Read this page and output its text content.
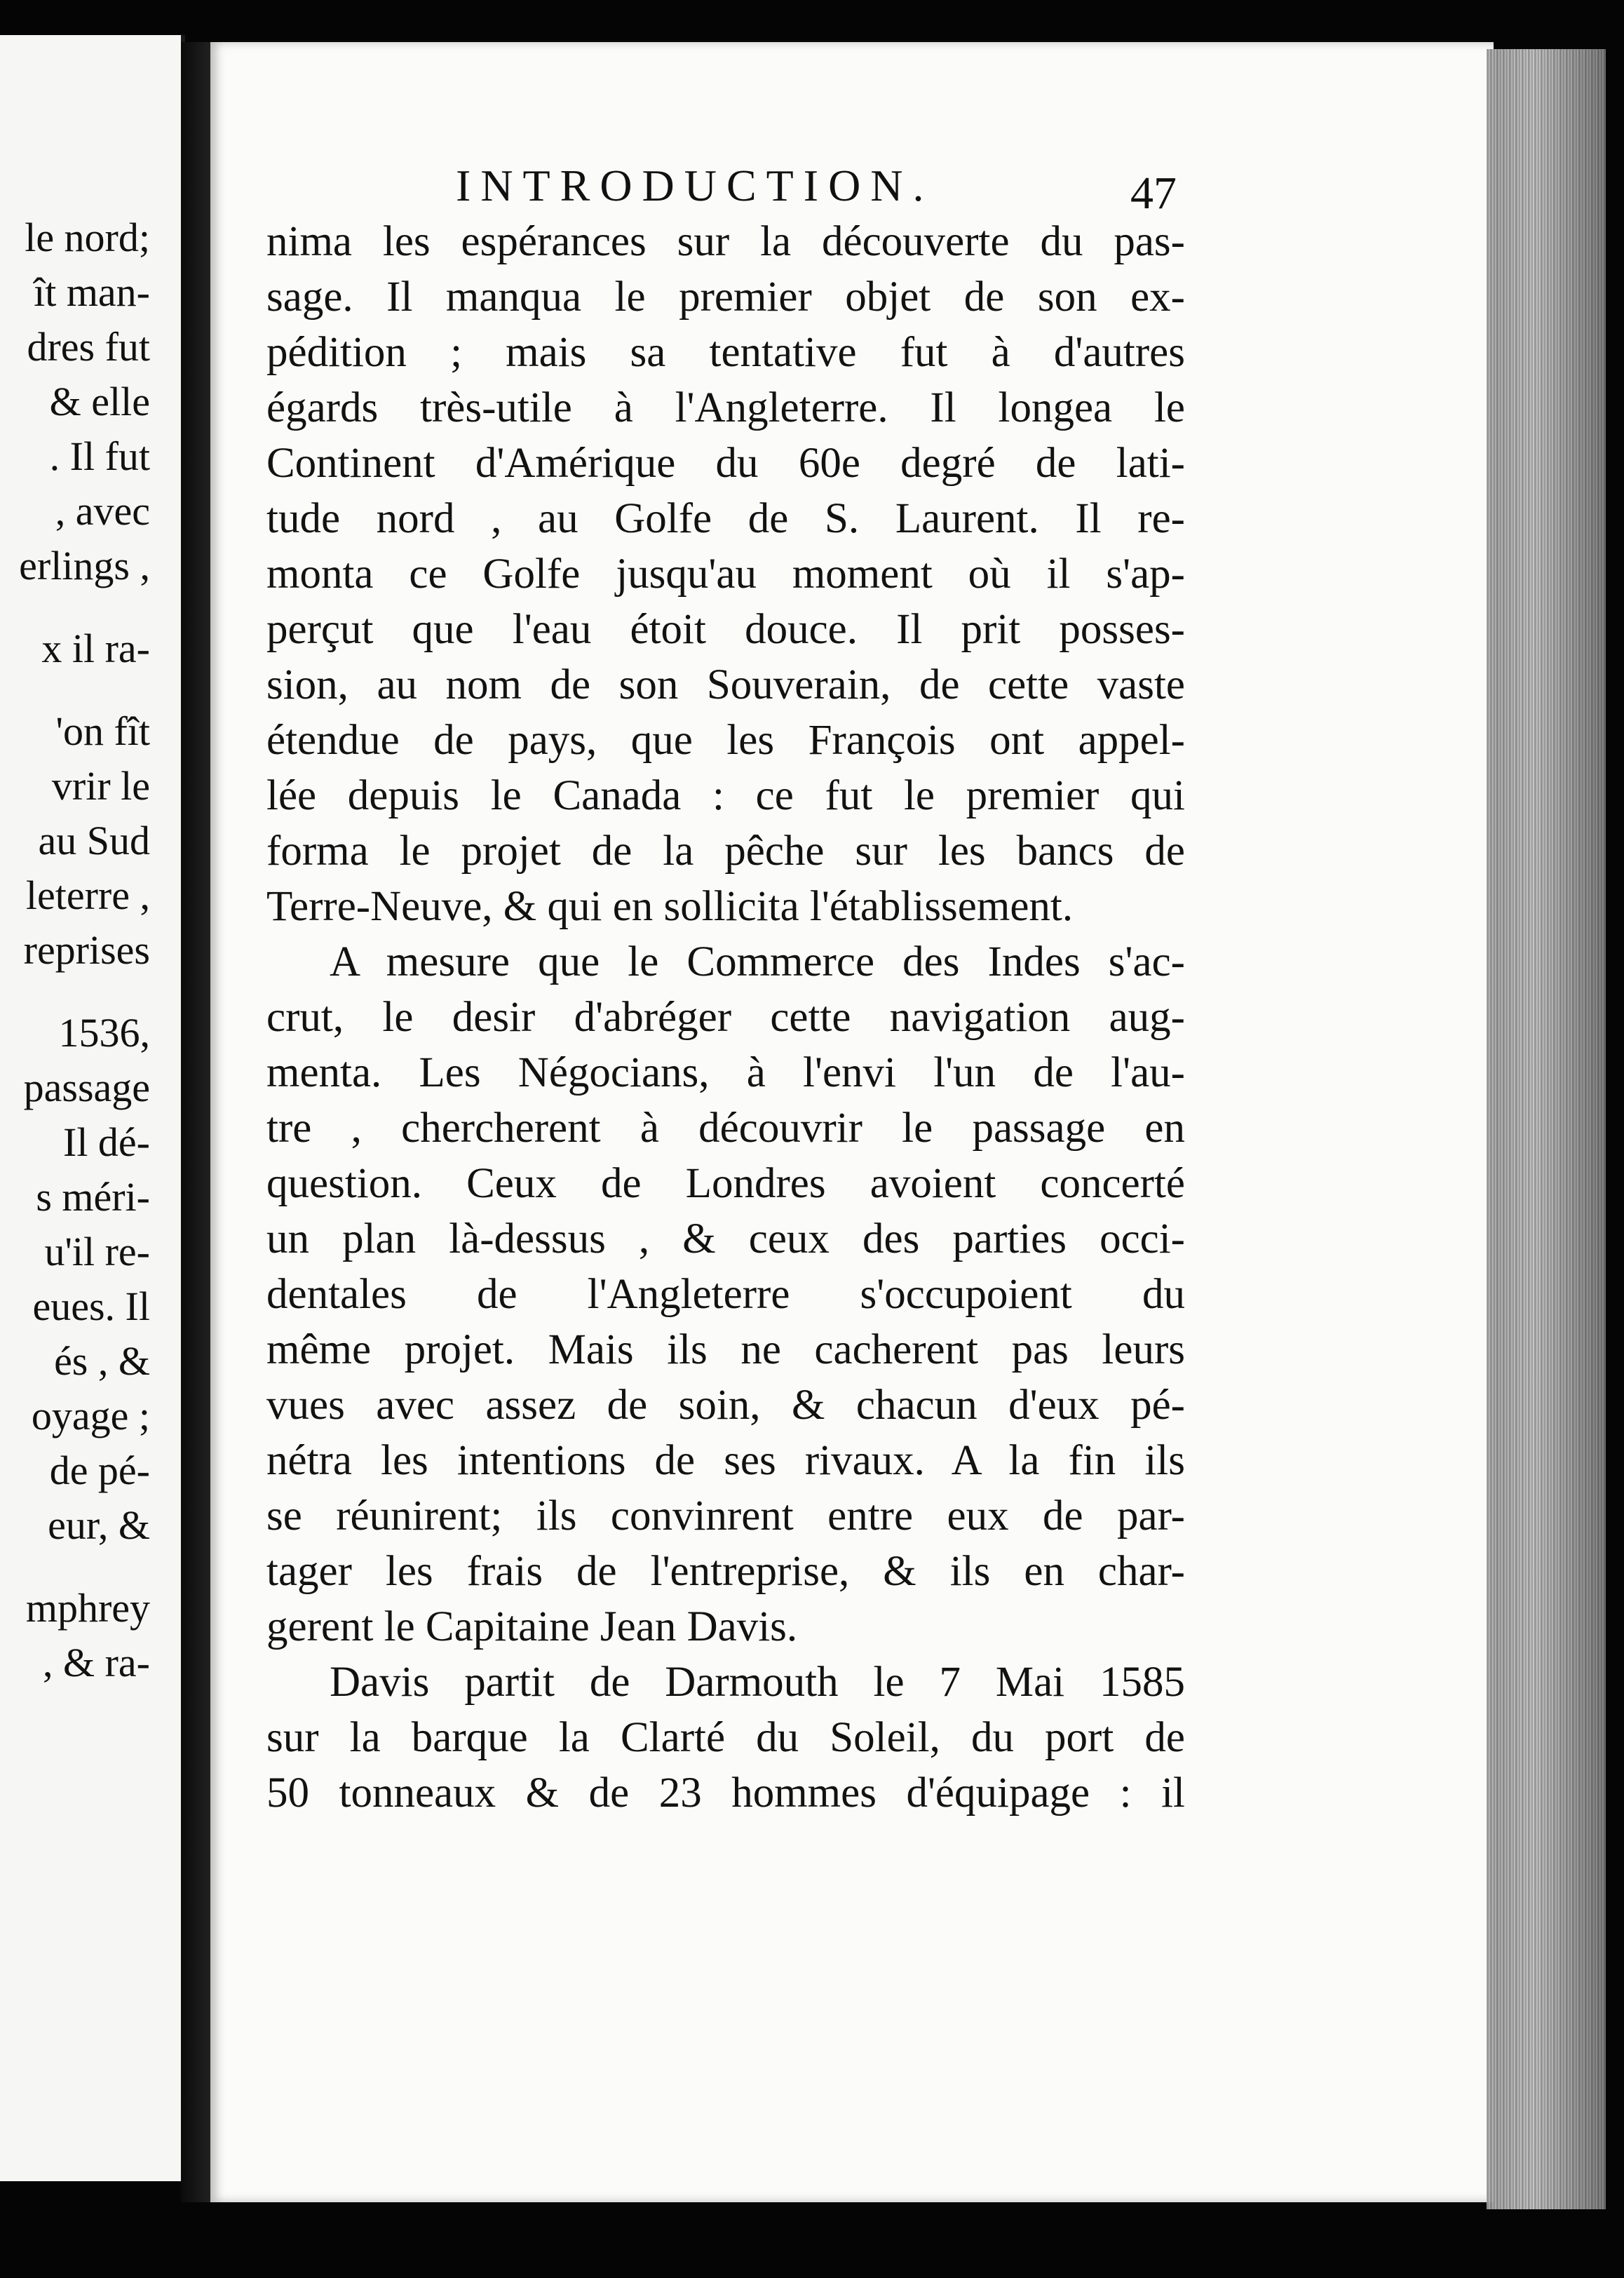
le nord;
ît man-
dres fut
& elle
. Il fut
, avec
erlings ,
x il ra-
'on fît
vrir le
au Sud
leterre ,
reprises
1536,
passage
Il dé-
s méri-
u'il re-
eues. Il
és , &
oyage ;
de pé-
eur, &
mphrey
, & ra-
INTRODUCTION.	47
nima les espérances sur la découverte du pas-
sage. Il manqua le premier objet de son ex-
pédition ; mais sa tentative fut à d'autres
égards très-utile à l'Angleterre. Il longea le
Continent d'Amérique du 60e degré de lati-
tude nord , au Golfe de S. Laurent. Il re-
monta ce Golfe jusqu'au moment où il s'ap-
perçut que l'eau étoit douce. Il prit posses-
sion, au nom de son Souverain, de cette vaste
étendue de pays, que les François ont appel-
lée depuis le Canada : ce fut le premier qui
forma le projet de la pêche sur les bancs de
Terre-Neuve, & qui en sollicita l'établissement.
A mesure que le Commerce des Indes s'ac-
crut, le desir d'abréger cette navigation aug-
menta. Les Négocians, à l'envi l'un de l'au-
tre , chercherent à découvrir le passage en
question. Ceux de Londres avoient concerté
un plan là-dessus , & ceux des parties occi-
dentales de l'Angleterre s'occupoient du
même projet. Mais ils ne cacherent pas leurs
vues avec assez de soin, & chacun d'eux pé-
nétra les intentions de ses rivaux. A la fin ils
se réunirent; ils convinrent entre eux de par-
tager les frais de l'entreprise, & ils en char-
gerent le Capitaine Jean Davis.
Davis partit de Darmouth le 7 Mai 1585
sur la barque la Clarté du Soleil, du port de
50 tonneaux & de 23 hommes d'équipage : il
